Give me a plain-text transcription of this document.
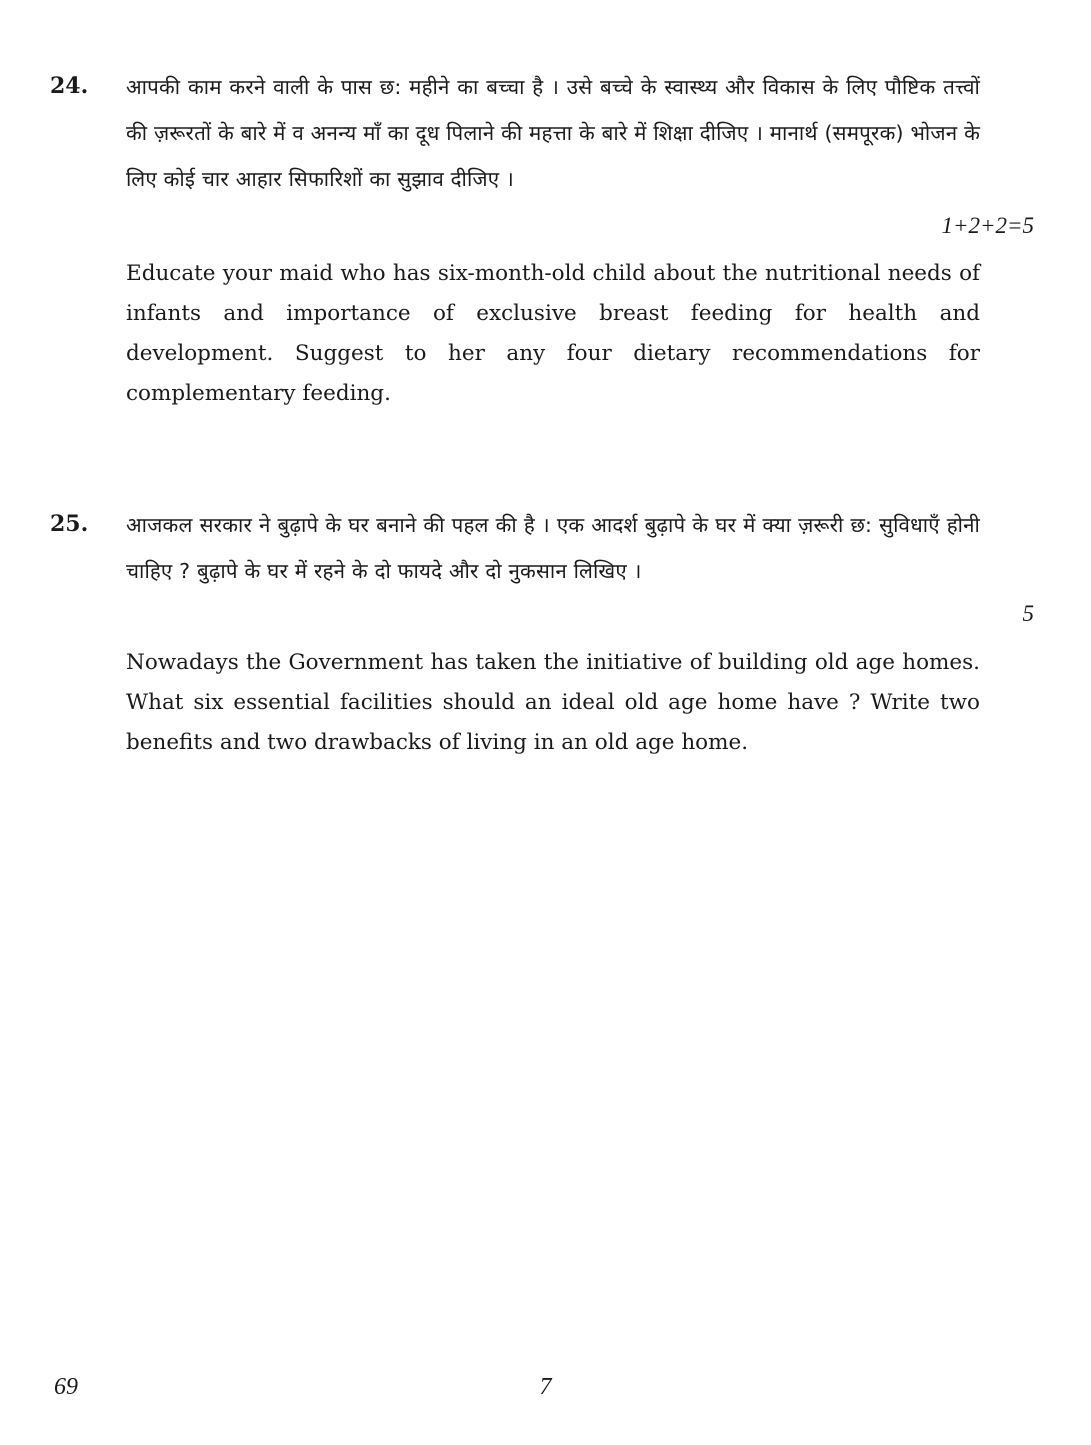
24. आपकी काम करने वाली के पास छ: महीने का बच्चा है । उसे बच्चे के स्वास्थ्य और विकास के लिए पौष्टिक तत्त्वों की ज़रूरतों के बारे में व अनन्य माँ का दूध पिलाने की महत्ता के बारे में शिक्षा दीजिए । मानार्थ (समपूरक) भोजन के लिए कोई चार आहार सिफारिशों का सुझाव दीजिए ।
1+2+2=5
Educate your maid who has six-month-old child about the nutritional needs of infants and importance of exclusive breast feeding for health and development. Suggest to her any four dietary recommendations for complementary feeding.
25. आजकल सरकार ने बुढ़ापे के घर बनाने की पहल की है । एक आदर्श बुढ़ापे के घर में क्या ज़रूरी छ: सुविधाएँ होनी चाहिए ? बुढ़ापे के घर में रहने के दो फायदे और दो नुकसान लिखिए ।
5
Nowadays the Government has taken the initiative of building old age homes. What six essential facilities should an ideal old age home have ? Write two benefits and two drawbacks of living in an old age home.
69	7
